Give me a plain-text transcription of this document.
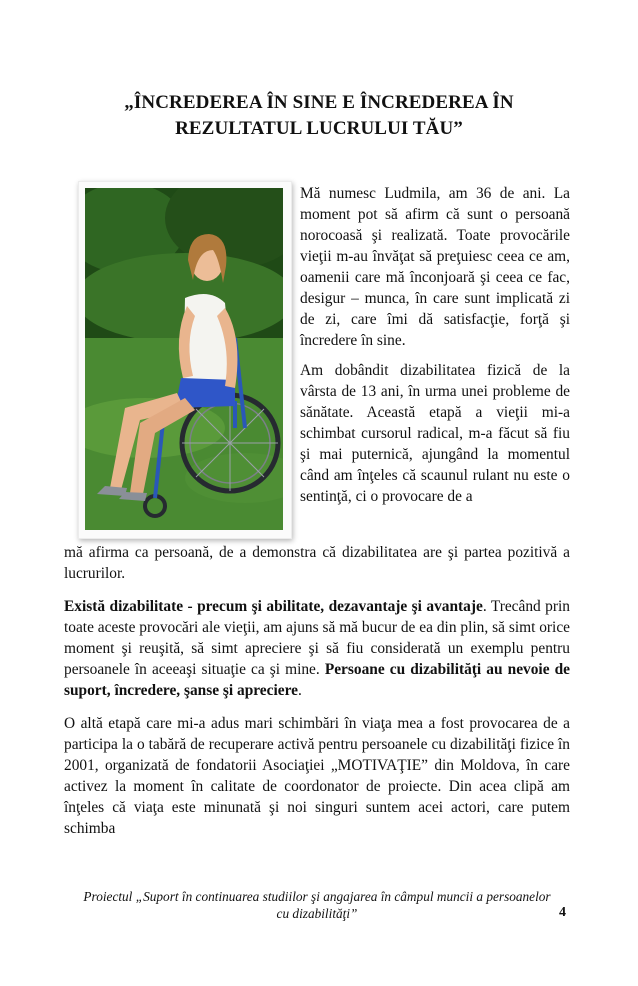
„ÎNCREDEREA ÎN SINE E ÎNCREDEREA ÎN
REZULTATUL LUCRULUI TĂU”

Mă numesc Ludmila, am 36 de ani. La moment pot să afirm că sunt o persoană norocoasă şi realizată. Toate provocările vieţii m-au învăţat să preţuiesc ceea ce am, oamenii care mă înconjoară şi ceea ce fac, desigur – munca, în care sunt implicată zi de zi, care îmi dă satisfacţie, forţă şi încredere în sine.

Am dobândit dizabilitatea fizică de la vârsta de 13 ani, în urma unei probleme de sănătate. Această etapă a vieţii mi-a schimbat cursorul radical, m-a făcut să fiu şi mai puternică, ajungând la momentul când am înţeles că scaunul rulant nu este o sentinţă, ci o provocare de a

mă afirma ca persoană, de a demonstra că dizabilitatea are şi partea pozitivă a lucrurilor.

Există dizabilitate - precum şi abilitate, dezavantaje şi avantaje. Trecând prin toate aceste provocări ale vieţii, am ajuns să mă bucur de ea din plin, să simt orice moment şi reuşită, să simt apreciere şi să fiu considerată un exemplu pentru persoanele în aceeaşi situaţie ca şi mine. Persoane cu dizabilităţi au nevoie de suport, încredere, şanse şi apreciere.

O altă etapă care mi-a adus mari schimbări în viaţa mea a fost provocarea de a participa la o tabără de recuperare activă pentru persoanele cu dizabilităţi fizice în 2001, organizată de fondatorii Asociaţiei „MOTIVAŢIE” din Moldova, în care activez la moment în calitate de coordonator de proiecte. Din acea clipă am înţeles că viaţa este minunată şi noi singuri suntem acei actori, care putem schimba

Proiectul „Suport în continuarea studiilor şi angajarea în câmpul muncii a persoanelor
cu dizabilităţi”	4
